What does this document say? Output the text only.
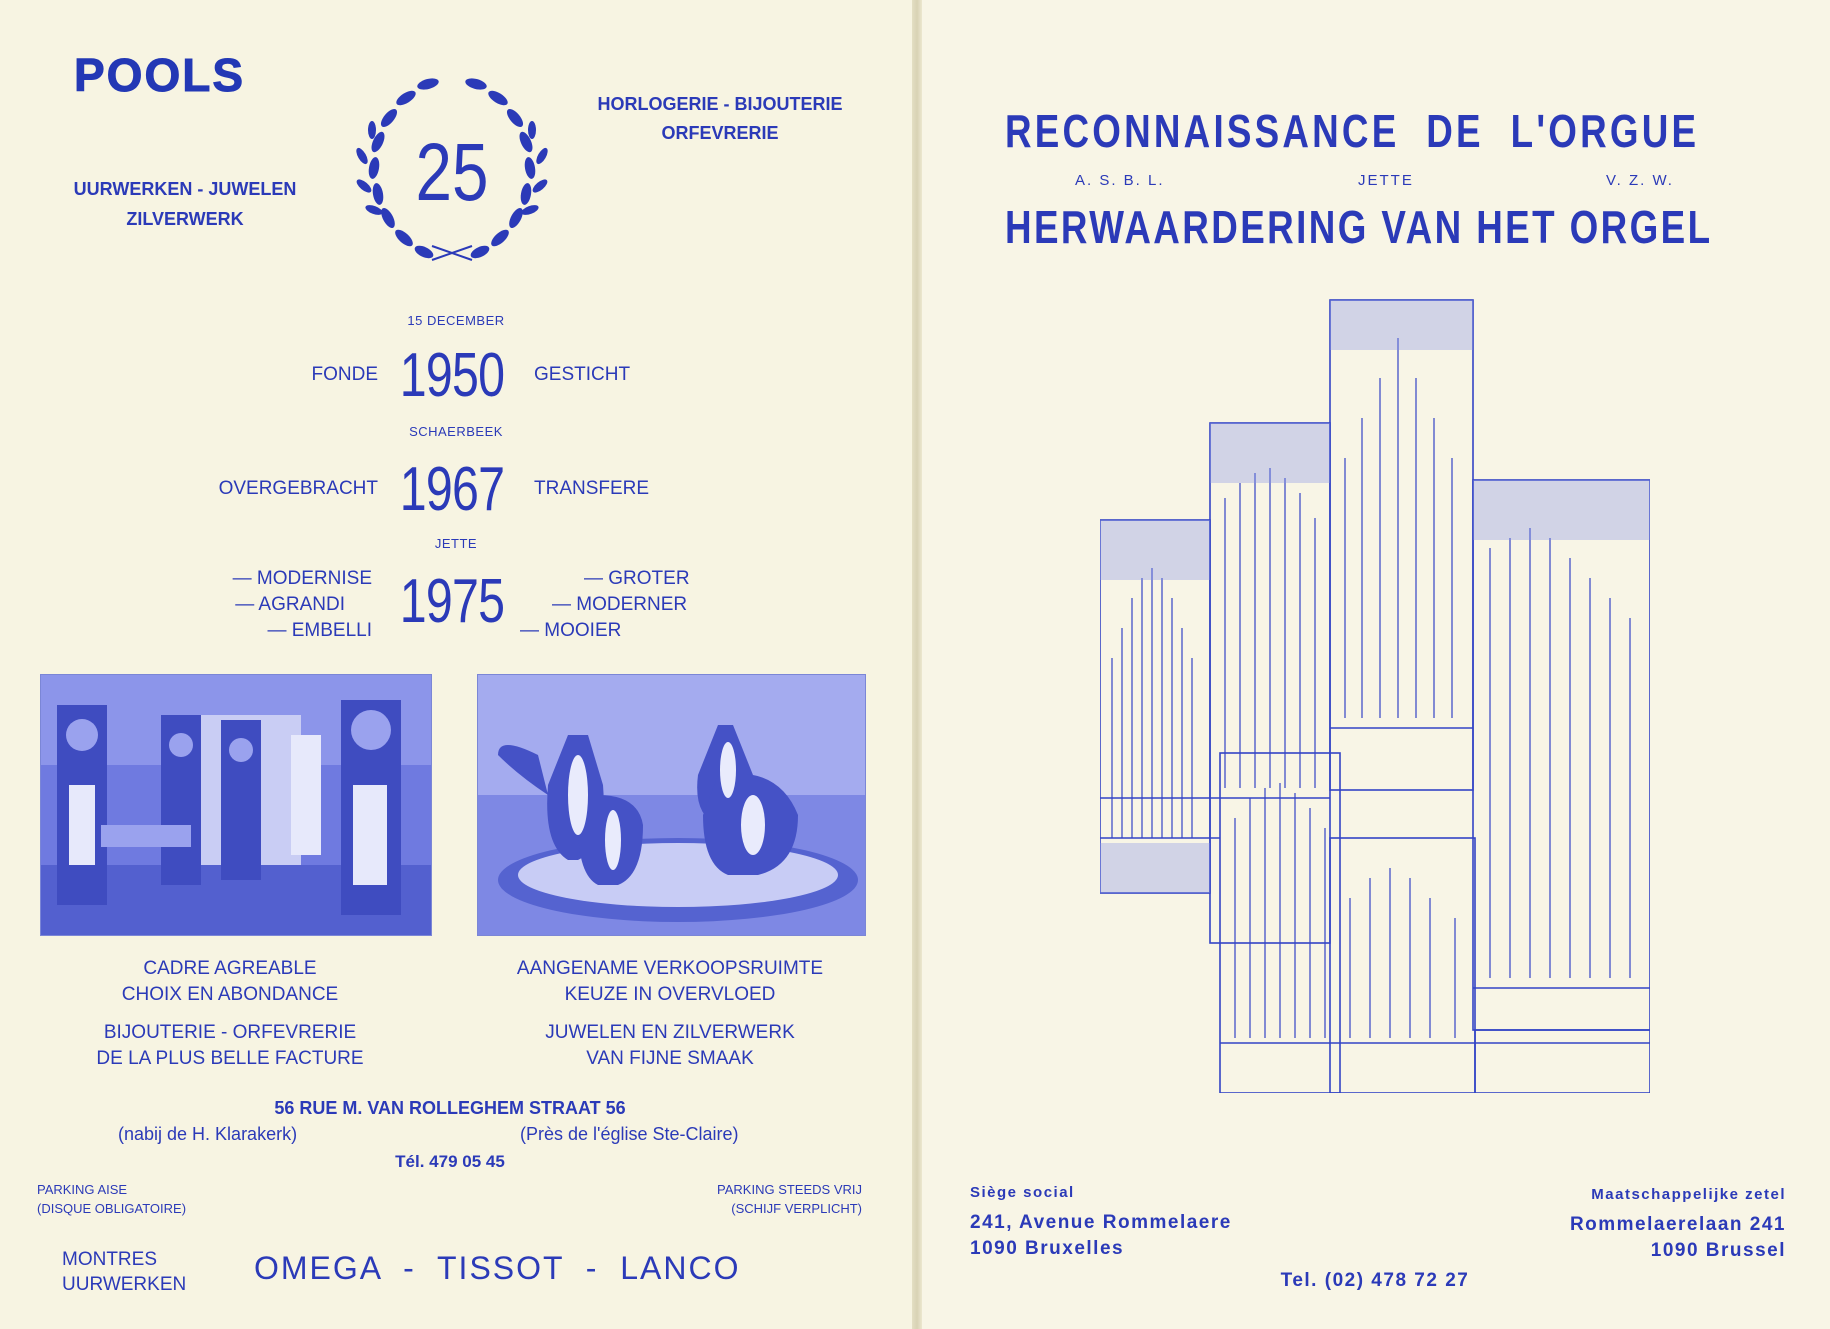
POOLS
UURWERKEN - JUWELEN
ZILVERWERK
HORLOGERIE - BIJOUTERIE
ORFEVRERIE
25
15 DECEMBER
FONDE 1950	GESTICHT
SCHAERBEEK
OVERGEBRACHT 1967	TRANSFERE
JETTE
— MODERNISE
— AGRANDI
— EMBELLI 1975	— GROTER
— MODERNER
— MOOIER
CADRE AGREABLE
CHOIX EN ABONDANCE
BIJOUTERIE - ORFEVRERIE
DE LA PLUS BELLE FACTURE
AANGENAME VERKOOPSRUIMTE
KEUZE IN OVERVLOED
JUWELEN EN ZILVERWERK
VAN FIJNE SMAAK
56 RUE M. VAN ROLLEGHEM STRAAT 56
(nabij de H. Klarakerk)	(Près de l'église Ste-Claire)
Tél. 479 05 45
PARKING AISE
(DISQUE OBLIGATOIRE)
PARKING STEEDS VRIJ
(SCHIJF VERPLICHT)
MONTRES
UURWERKEN OMEGA  -  TISSOT  -  LANCO
RECONNAISSANCE  DE  L'ORGUE
A. S. B. L.	JETTE	V. Z. W.
HERWAARDERING VAN HET ORGEL
Siège social
241, Avenue Rommelaere
1090 Bruxelles
Maatschappelijke zetel
Rommelaerelaan 241
1090 Brussel
Tel. (02) 478 72 27
